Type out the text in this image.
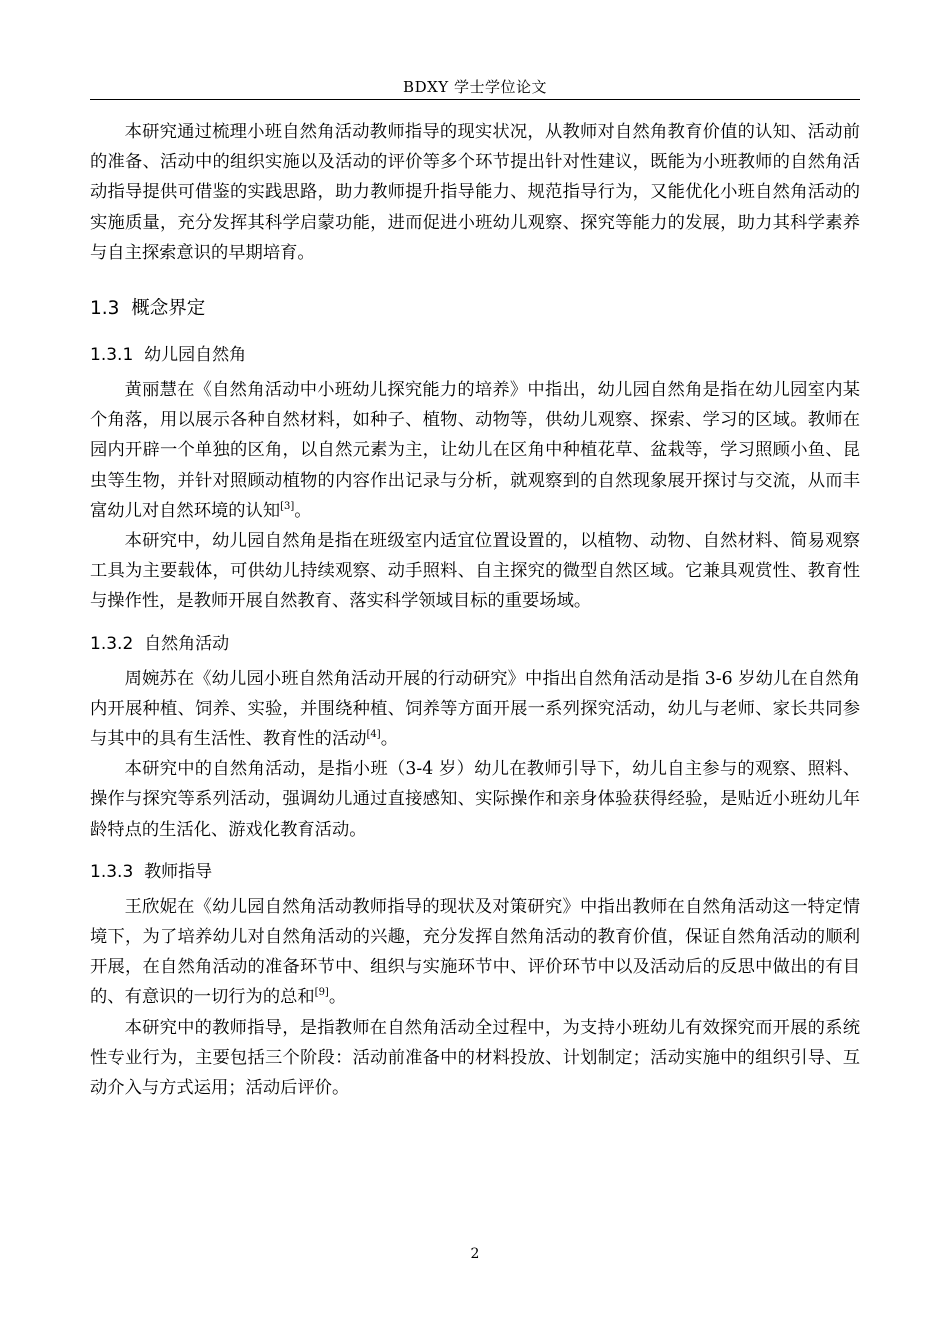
BDXY 学士学位论文

本研究通过梳理小班自然角活动教师指导的现实状况，从教师对自然角教育价值的认知、活动前的准备、活动中的组织实施以及活动的评价等多个环节提出针对性建议，既能为小班教师的自然角活动指导提供可借鉴的实践思路，助力教师提升指导能力、规范指导行为，又能优化小班自然角活动的实施质量，充分发挥其科学启蒙功能，进而促进小班幼儿观察、探究等能力的发展，助力其科学素养与自主探索意识的早期培育。

1.3 概念界定
1.3.1 幼儿园自然角

黄丽慧在《自然角活动中小班幼儿探究能力的培养》中指出，幼儿园自然角是指在幼儿园室内某个角落，用以展示各种自然材料，如种子、植物、动物等，供幼儿观察、探索、学习的区域。教师在园内开辟一个单独的区角，以自然元素为主，让幼儿在区角中种植花草、盆栽等，学习照顾小鱼、昆虫等生物，并针对照顾动植物的内容作出记录与分析，就观察到的自然现象展开探讨与交流，从而丰富幼儿对自然环境的认知[3]。

本研究中，幼儿园自然角是指在班级室内适宜位置设置的，以植物、动物、自然材料、简易观察工具为主要载体，可供幼儿持续观察、动手照料、自主探究的微型自然区域。它兼具观赏性、教育性与操作性，是教师开展自然教育、落实科学领域目标的重要场域。

1.3.2 自然角活动

周婉苏在《幼儿园小班自然角活动开展的行动研究》中指出自然角活动是指 3-6 岁幼儿在自然角内开展种植、饲养、实验，并围绕种植、饲养等方面开展一系列探究活动，幼儿与老师、家长共同参与其中的具有生活性、教育性的活动[4]。

本研究中的自然角活动，是指小班（3-4 岁）幼儿在教师引导下，幼儿自主参与的观察、照料、操作与探究等系列活动，强调幼儿通过直接感知、实际操作和亲身体验获得经验，是贴近小班幼儿年龄特点的生活化、游戏化教育活动。

1.3.3 教师指导

王欣妮在《幼儿园自然角活动教师指导的现状及对策研究》中指出教师在自然角活动这一特定情境下，为了培养幼儿对自然角活动的兴趣，充分发挥自然角活动的教育价值，保证自然角活动的顺利开展，在自然角活动的准备环节中、组织与实施环节中、评价环节中以及活动后的反思中做出的有目的、有意识的一切行为的总和[9]。

本研究中的教师指导，是指教师在自然角活动全过程中，为支持小班幼儿有效探究而开展的系统性专业行为，主要包括三个阶段：活动前准备中的材料投放、计划制定；活动实施中的组织引导、互动介入与方式运用；活动后评价。

2
